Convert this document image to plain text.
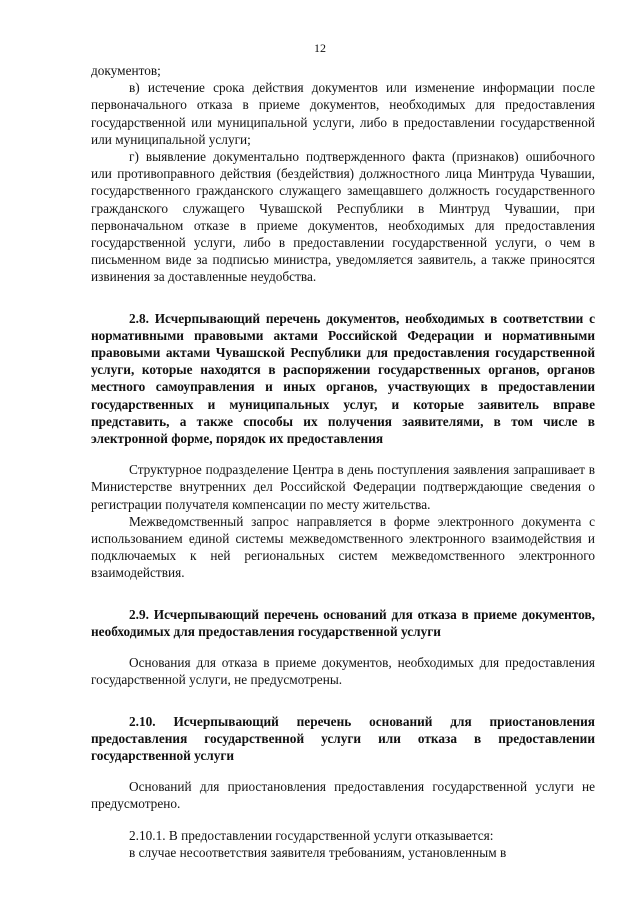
12

документов;

в) истечение срока действия документов или изменение информации после первоначального отказа в приеме документов, необходимых для предоставления государственной или муниципальной услуги, либо в предоставлении государственной или муниципальной услуги;

г) выявление документально подтвержденного факта (признаков) ошибочного или противоправного действия (бездействия) должностного лица Минтруда Чувашии, государственного гражданского служащего замещавшего должность государственного гражданского служащего Чувашской Республики в Минтруд Чувашии, при первоначальном отказе в приеме документов, необходимых для предоставления государственной услуги, либо в предоставлении государственной услуги, о чем в письменном виде за подписью министра, уведомляется заявитель, а также приносятся извинения за доставленные неудобства.

2.8. Исчерпывающий перечень документов, необходимых в соответствии с нормативными правовыми актами Российской Федерации и нормативными правовыми актами Чувашской Республики для предоставления государственной услуги, которые находятся в распоряжении государственных органов, органов местного самоуправления и иных органов, участвующих в предоставлении государственных и муниципальных услуг, и которые заявитель вправе представить, а также способы их получения заявителями, в том числе в электронной форме, порядок их предоставления

Структурное подразделение Центра в день поступления заявления запрашивает в Министерстве внутренних дел Российской Федерации подтверждающие сведения о регистрации получателя компенсации по месту жительства.

Межведомственный запрос направляется в форме электронного документа с использованием единой системы межведомственного электронного взаимодействия и подключаемых к ней региональных систем межведомственного электронного взаимодействия.

2.9. Исчерпывающий перечень оснований для отказа в приеме документов, необходимых для предоставления государственной услуги

Основания для отказа в приеме документов, необходимых для предоставления государственной услуги, не предусмотрены.

2.10. Исчерпывающий перечень оснований для приостановления предоставления государственной услуги или отказа в предоставлении государственной услуги

Оснований для приостановления предоставления государственной услуги не предусмотрено.

2.10.1. В предоставлении государственной услуги отказывается:

в случае несоответствия заявителя требованиям, установленным в
